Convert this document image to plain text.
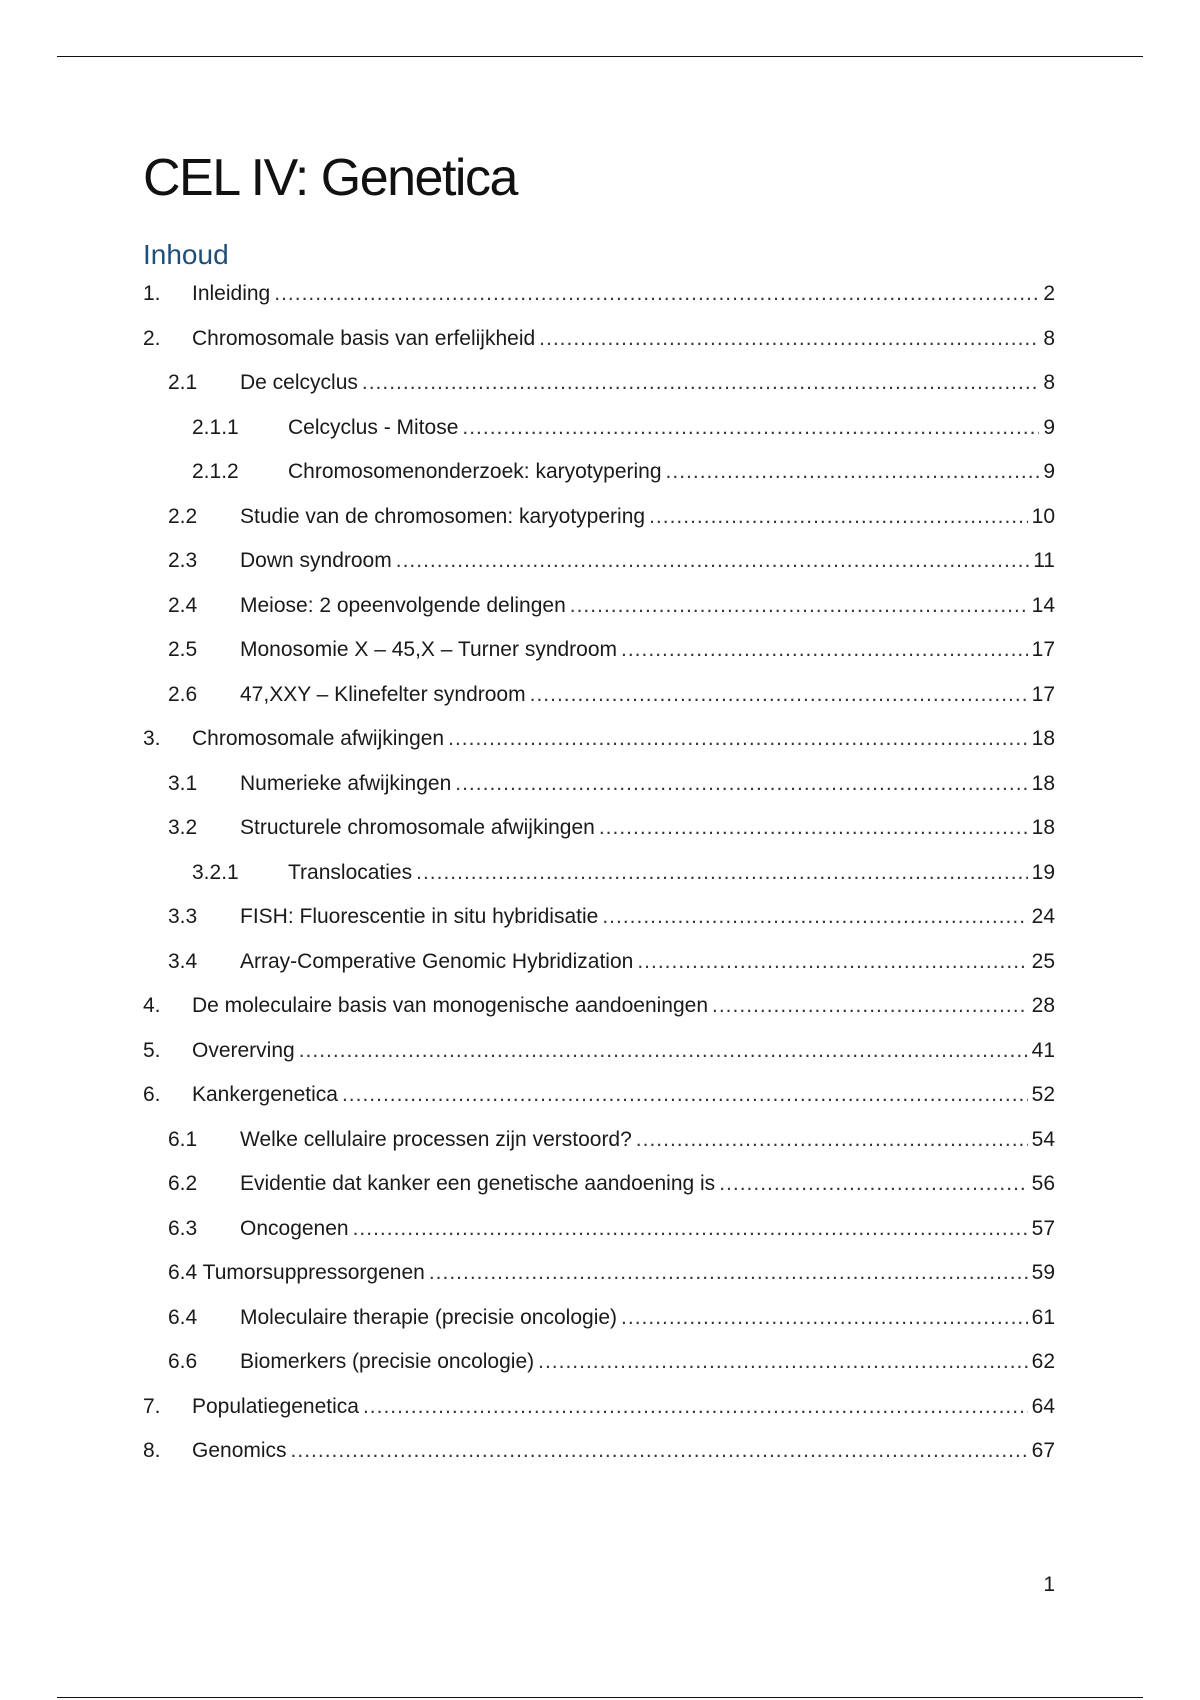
CEL IV: Genetica
Inhoud
1. Inleiding .....	2
2. Chromosomale basis van erfelijkheid .....	8
2.1 De celcyclus .....	8
2.1.1 Celcyclus - Mitose .....	9
2.1.2 Chromosomenonderzoek: karyotypering .....	9
2.2 Studie van de chromosomen: karyotypering .....	10
2.3 Down syndroom .....	11
2.4 Meiose: 2 opeenvolgende delingen .....	14
2.5 Monosomie X – 45,X – Turner syndroom .....	17
2.6 47,XXY – Klinefelter syndroom .....	17
3. Chromosomale afwijkingen .....	18
3.1 Numerieke afwijkingen .....	18
3.2 Structurele chromosomale afwijkingen .....	18
3.2.1 Translocaties .....	19
3.3 FISH: Fluorescentie in situ hybridisatie .....	24
3.4 Array-Comperative Genomic Hybridization .....	25
4. De moleculaire basis van monogenische aandoeningen .....	28
5. Overerving .....	41
6. Kankergenetica .....	52
6.1 Welke cellulaire processen zijn verstoord? .....	54
6.2 Evidentie dat kanker een genetische aandoening is .....	56
6.3 Oncogenen .....	57
6.4 Tumorsuppressorgenen .....	59
6.4 Moleculaire therapie (precisie oncologie) .....	61
6.6 Biomerkers (precisie oncologie) .....	62
7. Populatiegenetica .....	64
8. Genomics .....	67
1
